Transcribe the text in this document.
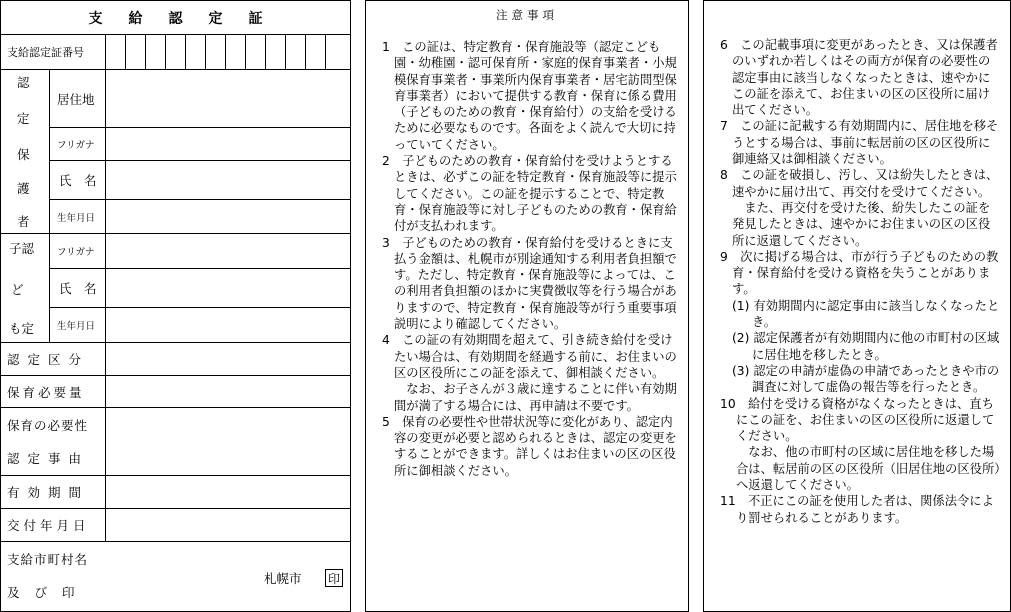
支給認定証
支給認定証番号
認
定
保
護
者
居住地
フリガナ
氏　名
生年月日
子認
ど
も定
フリガナ
氏　名
生年月日
認定区分
保育必要量
保育の必要性
認定事由
有効期間
交付年月日
支給市町村名
及び印
札幌市 印
注意事項

1　この証は、特定教育・保育施設等（認定こども園・幼稚園・認可保育所・家庭的保育事業者・小規模保育事業者・事業所内保育事業者・居宅訪問型保育事業者）において提供する教育・保育に係る費用（子どものための教育・保育給付）の支給を受けるために必要なものです。各面をよく読んで大切に持っていてください。

2　子どものための教育・保育給付を受けようとするときは、必ずこの証を特定教育・保育施設等に提示してください。この証を提示することで、特定教育・保育施設等に対し子どものための教育・保育給付が支払われます。

3　子どものための教育・保育給付を受けるときに支払う金額は、札幌市が別途通知する利用者負担額です。ただし、特定教育・保育施設等によっては、この利用者負担額のほかに実費徴収等を行う場合がありますので、特定教育・保育施設等が行う重要事項説明により確認してください。

4　この証の有効期間を超えて、引き続き給付を受けたい場合は、有効期間を経過する前に、お住まいの区の区役所にこの証を添えて、御相談ください。

　なお、お子さんが３歳に達することに伴い有効期間が満了する場合には、再申請は不要です。

5　保育の必要性や世帯状況等に変化があり、認定内容の変更が必要と認められるときは、認定の変更をすることができます。詳しくはお住まいの区の区役所に御相談ください。

6　この記載事項に変更があったとき、又は保護者のいずれか若しくはその両方が保育の必要性の認定事由に該当しなくなったときは、速やかにこの証を添えて、お住まいの区の区役所に届け出てください。

7　この証に記載する有効期間内に、居住地を移そうとする場合は、事前に転居前の区の区役所に御連絡又は御相談ください。

8　この証を破損し、汚し、又は紛失したときは、速やかに届け出て、再交付を受けてください。

　また、再交付を受けた後、紛失したこの証を発見したときは、速やかにお住まいの区の区役所に返還してください。

9　次に掲げる場合は、市が行う子どものための教育・保育給付を受ける資格を失うことがあります。

(1) 有効期間内に認定事由に該当しなくなったとき。

(2) 認定保護者が有効期間内に他の市町村の区域に居住地を移したとき。

(3) 認定の申請が虚偽の申請であったときや市の調査に対して虚偽の報告等を行ったとき。

10　給付を受ける資格がなくなったときは、直ちにこの証を、お住まいの区の区役所に返還してください。

　なお、他の市町村の区域に居住地を移した場合は、転居前の区の区役所（旧居住地の区役所）へ返還してください。

11　不正にこの証を使用した者は、関係法令により罰せられることがあります。
